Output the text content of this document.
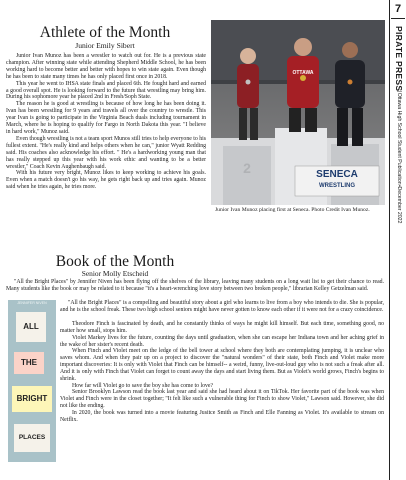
7
PIRATE PRESS|Ottawa High School Student Publication•December 2022
Athlete of the Month
Junior Emily Sibert

Junior Ivan Munoz has been a wrestler to watch out for. He is a previous state champion. After winning state while attending Shepherd Middle School, he has been working hard to become better and better with hopes to win state again. Even though he has been to state many times he has only placed first once in 2018.

This year he went to IHSA state finals and placed 6th. He fought hard and earned a good overall spot. He is looking forward to the future that wrestling may bring him. During his sophomore year he placed 2nd in Fresh/Soph State.

The reason he is good at wrestling is because of how long he has been doing it. Ivan has been wrestling for 9 years and travels all over the country to wrestle. This year Ivan is going to participate in the Virginia Beach duals including tournament in March, where he is hoping to qualify for Fargo in North Dakota this year. "I believe in hard work," Munoz said.

Even though wrestling is not a team sport Munos still tries to help everyone to his fullest extent. "He's really kind and helps others when he can," junior Wyatt Redding said. His coaches also acknowledge his effort. " He's a hardworking young man that has really stepped up this year with his work ethic and wanting to be a better wrestler," Coach Kevin Aughenbaugh said.

With his future very bright, Munoz likes to keep working to achieve his goals. Even when a match doesn't go his way, he gets right back up and tries again. Munoz said when he tries again, he tries more.

OTTAWA
2	SENECA
WRESTLING
Junior Ivan Munoz placing first at Seneca. Photo Credit Ivan Munoz.
Book of the Month
Senior Molly Etscheid

"All the Bright Places" by Jennifer Niven has been flying off the shelves of the library, leaving many students on a long wait list to get their chance to read. Many students like the book or may be related to it because "it's a heart-wrenching love story between two broken people," librarian Kelley Getzelman said.

"All the Bright Places" is a compelling and beautiful story about a girl who learns to live from a boy who intends to die. She is popular, and he is the school freak. These two high school seniors might have never gotten to know each other if it were not for a crazy coincidence.

JENNIFER NIVEN
ALL
THE
BRIGHT
PLACES

Theodore Finch is fascinated by death, and he constantly thinks of ways he might kill himself. But each time, something good, no matter how small, stops him.

Violet Markey lives for the future, counting the days until graduation, when she can escape her Indiana town and her aching grief in the wake of her sister's recent death.

When Finch and Violet meet on the ledge of the bell tower at school where they both are contemplating jumping, it is unclear who saves whom. And when they pair up on a project to discover the "natural wonders" of their state, both Finch and Violet make more important discoveries: It is only with Violet that Finch can be himself-- a weird, funny, live-out-loud guy who is not such a freak after all. And it is only with Finch that Violet can forget to count away the days and start living them. But as Violet's world grows, Finch's begins to shrink.

How far will Violet go to save the boy she has come to love?

Senior Brooklyn Lawson read the book last year and said she had heard about it on TikTok. Her favorite part of the book was when Violet and Finch were in the closet together; "It felt like such a vulnerable thing for Finch to show Violet," Lawson said. However, she did not like the ending.

In 2020, the book was turned into a movie featuring Jusitce Smith as Finch and Elle Fanning as Violet. It's available to stream on Netflix.
